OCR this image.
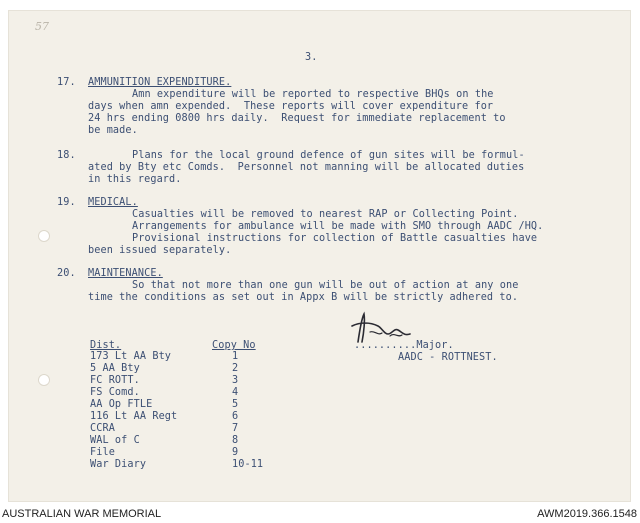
57
3.
17. AMMUNITION EXPENDITURE.
Amn expenditure will be reported to respective BHQs on the
days when amn expended.  These reports will cover expenditure for
24 hrs ending 0800 hrs daily.  Request for immediate replacement to
be made.
18.	Plans for the local ground defence of gun sites will be formul-
ated by Bty etc Comds.  Personnel not manning will be allocated duties
in this regard.
19. MEDICAL.
Casualties will be removed to nearest RAP or Collecting Point.
Arrangements for ambulance will be made with SMO through AADC /HQ.
Provisional instructions for collection of Battle casualties have
been issued separately.
20. MAINTENANCE.
So that not more than one gun will be out of action at any one
time the conditions as set out in Appx B will be strictly adhered to.
Dist.	Copy No
173 Lt AA Bty	1
5 AA Bty	2
FC ROTT.	3
FS Comd.	4
AA Op FTLE	5
116 Lt AA Regt	6
CCRA	7
WAL of C	8
File	9
War Diary	10-11
..........Major.
AADC - ROTTNEST.
AUSTRALIAN WAR MEMORIAL	AWM2019.366.1548
